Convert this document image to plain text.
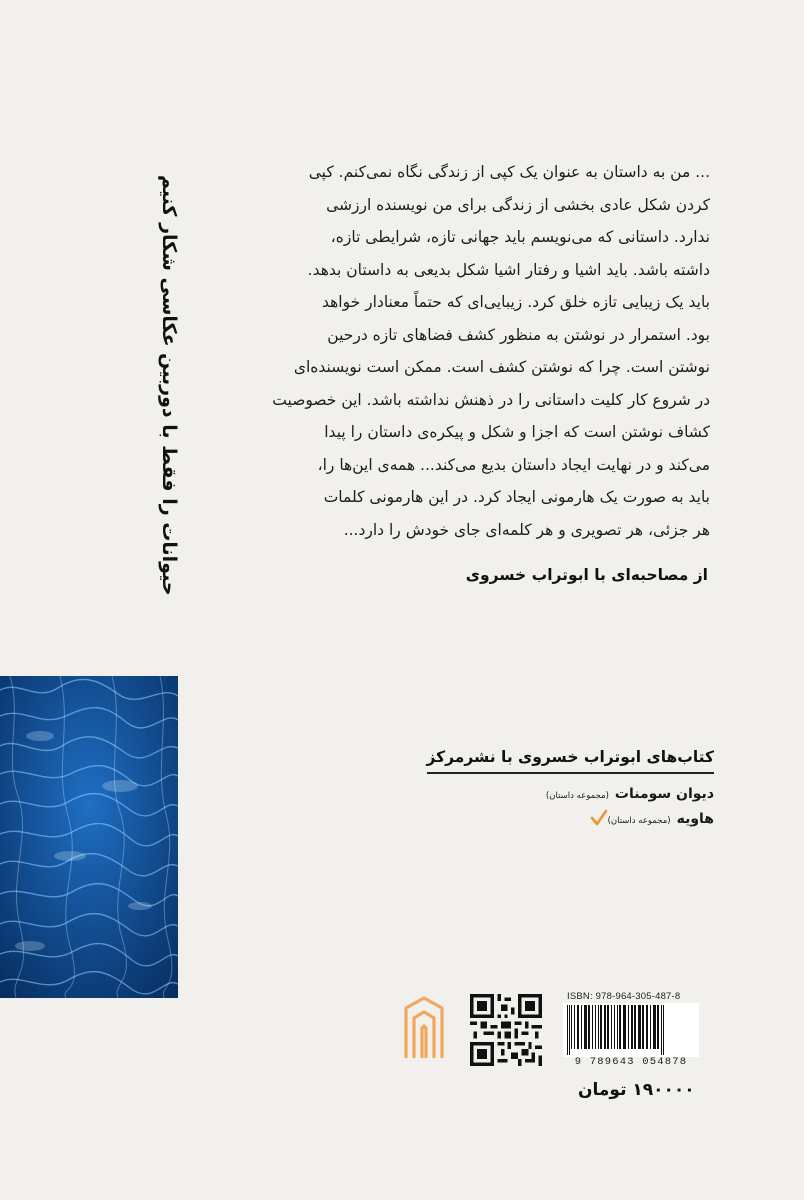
حیوانات را فقط با دوربین عکاسی شکار کنیم
... من به داستان به عنوان یک کپی از زندگی نگاه نمی‌کنم. کپی
کردن شکل عادی بخشی از زندگی برای من نویسنده ارزشی
ندارد. داستانی که می‌نویسم باید جهانی تازه، شرایطی تازه،
داشته باشد. باید اشیا و رفتار اشیا شکل بدیعی به داستان بدهد.
باید یک زیبایی تازه خلق کرد. زیبایی‌ای که حتماً معنادار خواهد
بود. استمرار در نوشتن به منظور کشف فضاهای تازه درحین
نوشتن است. چرا که نوشتن کشف است. ممکن است نویسنده‌ای
در شروع کار کلیت داستانی را در ذهنش نداشته باشد. این خصوصیت
کشاف نوشتن است که اجزا و شکل و پیکره‌ی داستان را پیدا
می‌کند و در نهایت ایجاد داستان بدیع می‌کند... همه‌ی این‌ها را،
باید به صورت یک هارمونی ایجاد کرد. در این هارمونی کلمات
هر جزئی، هر تصویری و هر کلمه‌ای جای خودش را دارد...
از مصاحبه‌ای با ابوتراب خسروی
کتاب‌های ابوتراب خسروی با نشرمرکز
دیوان سومنات(مجموعه داستان)
هاویه(مجموعه داستان)
ISBN: 978-964-305-487-8
9 789643 054878
۱۹۰۰۰۰ تومان
